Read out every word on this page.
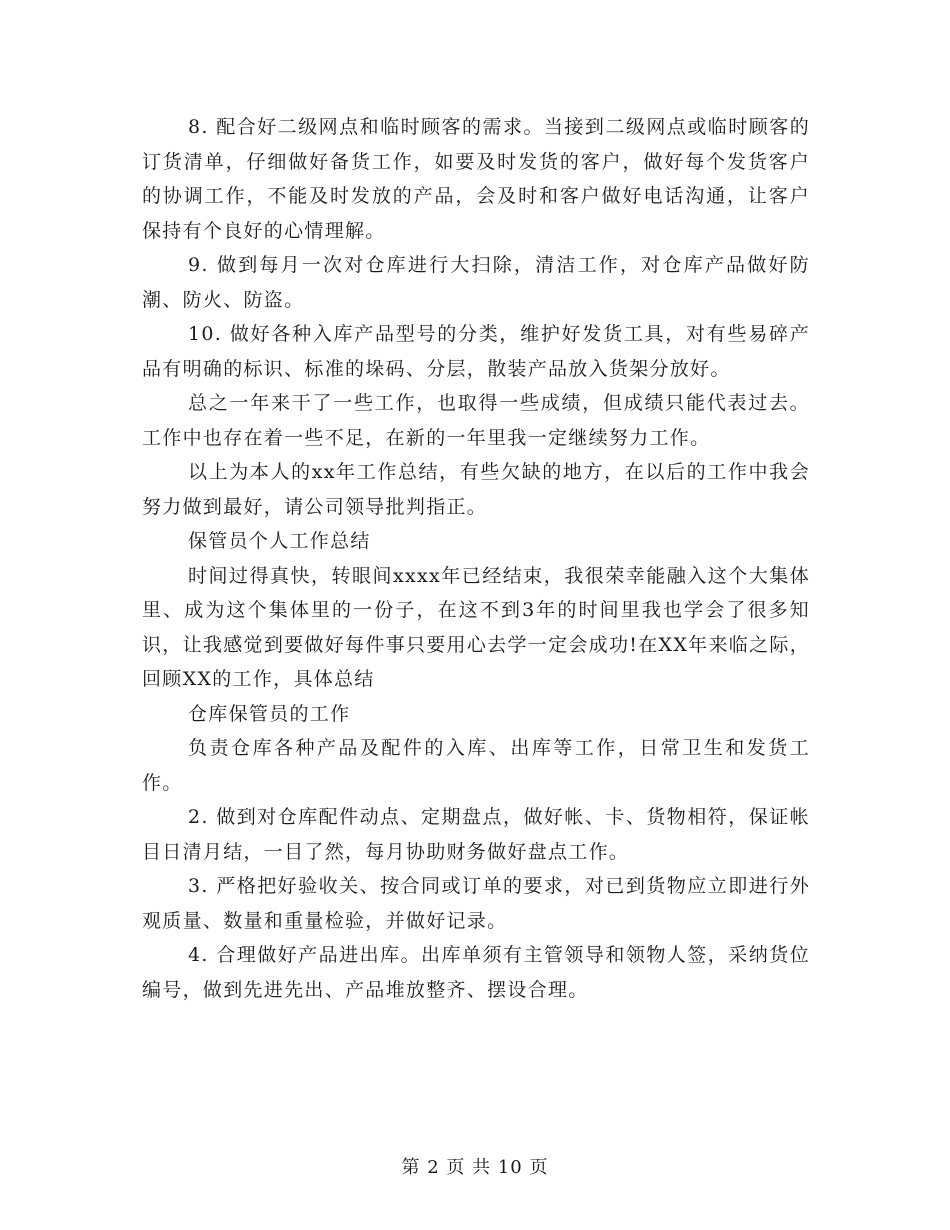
8. 配合好二级网点和临时顾客的需求。当接到二级网点或临时顾客的订货清单，仔细做好备货工作，如要及时发货的客户，做好每个发货客户的协调工作，不能及时发放的产品，会及时和客户做好电话沟通，让客户保持有个良好的心情理解。

9. 做到每月一次对仓库进行大扫除，清洁工作，对仓库产品做好防潮、防火、防盗。

10. 做好各种入库产品型号的分类，维护好发货工具，对有些易碎产品有明确的标识、标准的垛码、分层，散装产品放入货架分放好。

总之一年来干了一些工作，也取得一些成绩，但成绩只能代表过去。工作中也存在着一些不足，在新的一年里我一定继续努力工作。

以上为本人的xx年工作总结，有些欠缺的地方，在以后的工作中我会努力做到最好，请公司领导批判指正。

保管员个人工作总结

时间过得真快，转眼间xxxx年已经结束，我很荣幸能融入这个大集体里、成为这个集体里的一份子，在这不到3年的时间里我也学会了很多知识，让我感觉到要做好每件事只要用心去学一定会成功!在XX年来临之际，回顾XX的工作，具体总结

仓库保管员的工作

负责仓库各种产品及配件的入库、出库等工作，日常卫生和发货工作。

2. 做到对仓库配件动点、定期盘点，做好帐、卡、货物相符，保证帐目日清月结，一目了然，每月协助财务做好盘点工作。

3. 严格把好验收关、按合同或订单的要求，对已到货物应立即进行外观质量、数量和重量检验，并做好记录。

4. 合理做好产品进出库。出库单须有主管领导和领物人签，采纳货位编号，做到先进先出、产品堆放整齐、摆设合理。

第 2 页 共 10 页
